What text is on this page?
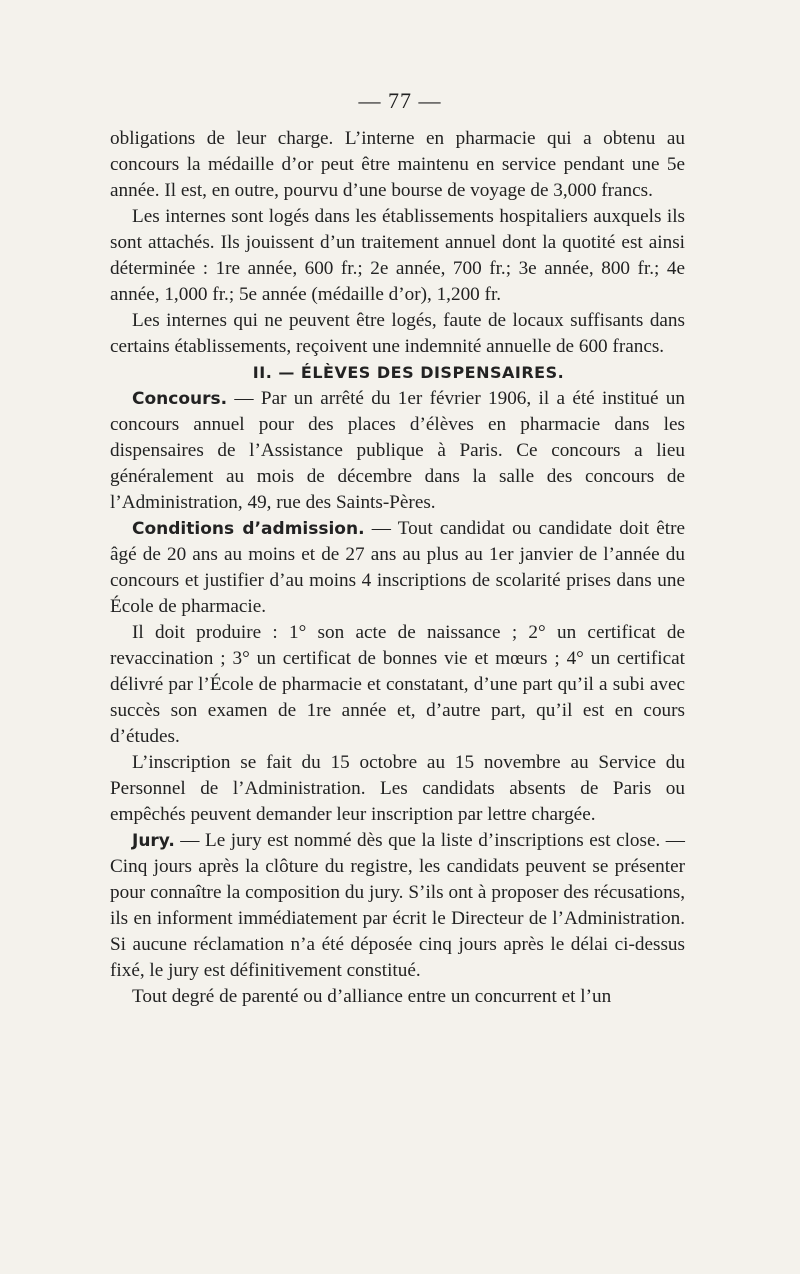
— 77 —

obligations de leur charge. L’interne en pharmacie qui a obtenu au concours la médaille d’or peut être maintenu en service pendant une 5e année. Il est, en outre, pourvu d’une bourse de voyage de 3,000 francs.

Les internes sont logés dans les établissements hospitaliers auxquels ils sont attachés. Ils jouissent d’un traitement annuel dont la quotité est ainsi déterminée : 1re année, 600 fr.; 2e année, 700 fr.; 3e année, 800 fr.; 4e année, 1,000 fr.; 5e année (médaille d’or), 1,200 fr.

Les internes qui ne peuvent être logés, faute de locaux suffisants dans certains établissements, reçoivent une indemnité annuelle de 600 francs.

II. — ÉLÈVES DES DISPENSAIRES.

Concours. — Par un arrêté du 1er février 1906, il a été institué un concours annuel pour des places d’élèves en pharmacie dans les dispensaires de l’Assistance publique à Paris. Ce concours a lieu généralement au mois de décembre dans la salle des concours de l’Administration, 49, rue des Saints-Pères.

Conditions d’admission. — Tout candidat ou candidate doit être âgé de 20 ans au moins et de 27 ans au plus au 1er janvier de l’année du concours et justifier d’au moins 4 inscriptions de scolarité prises dans une École de pharmacie.

Il doit produire : 1° son acte de naissance ; 2° un certificat de revaccination ; 3° un certificat de bonnes vie et mœurs ; 4° un certificat délivré par l’École de pharmacie et constatant, d’une part qu’il a subi avec succès son examen de 1re année et, d’autre part, qu’il est en cours d’études.

L’inscription se fait du 15 octobre au 15 novembre au Service du Personnel de l’Administration. Les candidats absents de Paris ou empêchés peuvent demander leur inscription par lettre chargée.

Jury. — Le jury est nommé dès que la liste d’inscriptions est close. — Cinq jours après la clôture du registre, les candidats peuvent se présenter pour connaître la composition du jury. S’ils ont à proposer des récusations, ils en informent immédiatement par écrit le Directeur de l’Administration. Si aucune réclamation n’a été déposée cinq jours après le délai ci-dessus fixé, le jury est définitivement constitué.

Tout degré de parenté ou d’alliance entre un concurrent et l’un
